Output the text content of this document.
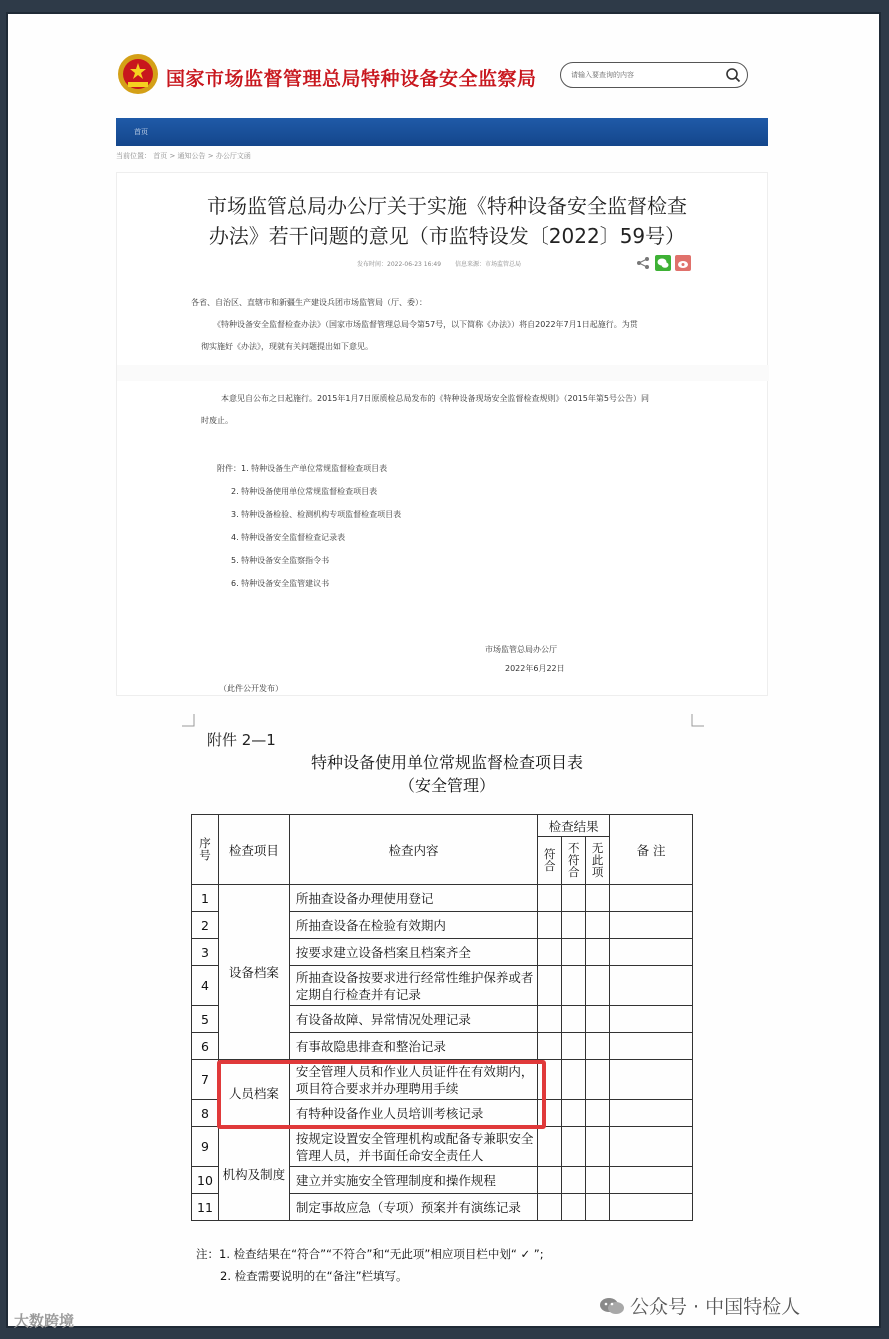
国家市场监督管理总局特种设备安全监察局
请输入要查询的内容
首页
当前位置： 首页 > 通知公告 > 办公厅文函
市场监管总局办公厅关于实施《特种设备安全监督检查
办法》若干问题的意见（市监特设发〔2022〕59号）
发布时间：2022-06-23 16:49 信息来源：市场监管总局
各省、自治区、直辖市和新疆生产建设兵团市场监管局（厅、委）：
《特种设备安全监督检查办法》（国家市场监督管理总局令第57号，以下简称《办法》）将自2022年7月1日起施行。为贯
彻实施好《办法》，现就有关问题提出如下意见。
本意见自公布之日起施行。2015年1月7日原质检总局发布的《特种设备现场安全监督检查规则》（2015年第5号公告）同
时废止。
附件：1. 特种设备生产单位常规监督检查项目表
2. 特种设备使用单位常规监督检查项目表
3. 特种设备检验、检测机构专项监督检查项目表
4. 特种设备安全监督检查记录表
5. 特种设备安全监察指令书
6. 特种设备安全监管建议书
市场监管总局办公厅
2022年6月22日
（此件公开发布）
附件 2—1
特种设备使用单位常规监督检查项目表
（安全管理）
序号	检查项目	检查内容	检查结果			备 注
			符合	不符合	无此项	
1	设备档案	所抽查设备办理使用登记				
2		所抽查设备在检验有效期内				
3		按要求建立设备档案且档案齐全				
4		所抽查设备按要求进行经常性维护保养或者定期自行检查并有记录				
5		有设备故障、异常情况处理记录				
6		有事故隐患排查和整治记录				
7	人员档案	安全管理人员和作业人员证件在有效期内，项目符合要求并办理聘用手续				
8		有特种设备作业人员培训考核记录				
9	机构及制度	按规定设置安全管理机构或配备专兼职安全管理人员，并书面任命安全责任人				
10		建立并实施安全管理制度和操作规程				
11		制定事故应急（专项）预案并有演练记录				
注：1. 检查结果在“符合”“不符合”和“无此项”相应项目栏中划“ ✓ ”;
2. 检查需要说明的在“备注”栏填写。
大数跨境
公众号 · 中国特检人
